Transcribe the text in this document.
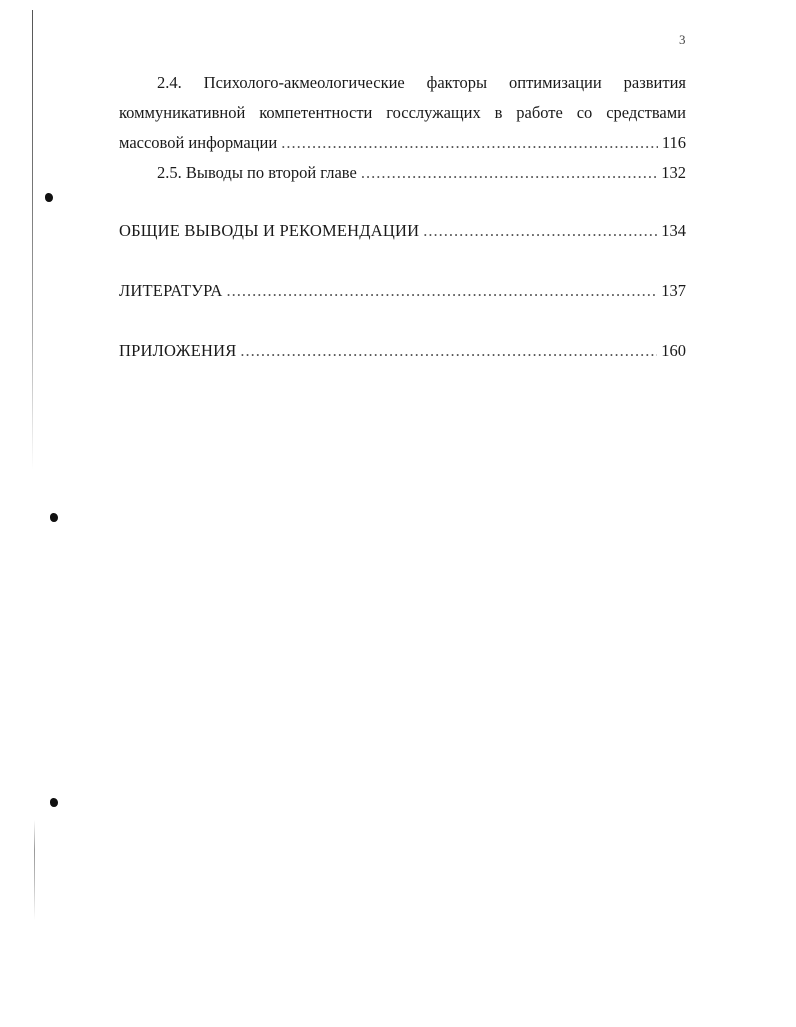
3
2.4. Психолого-акмеологические факторы оптимизации развития
коммуникативной компетентности госслужащих в работе со средствами
массовой информации .....	116
2.5. Выводы по второй главе .....	132
ОБЩИЕ ВЫВОДЫ И РЕКОМЕНДАЦИИ .....	134
ЛИТЕРАТУРА .....	137
ПРИЛОЖЕНИЯ .....	160
